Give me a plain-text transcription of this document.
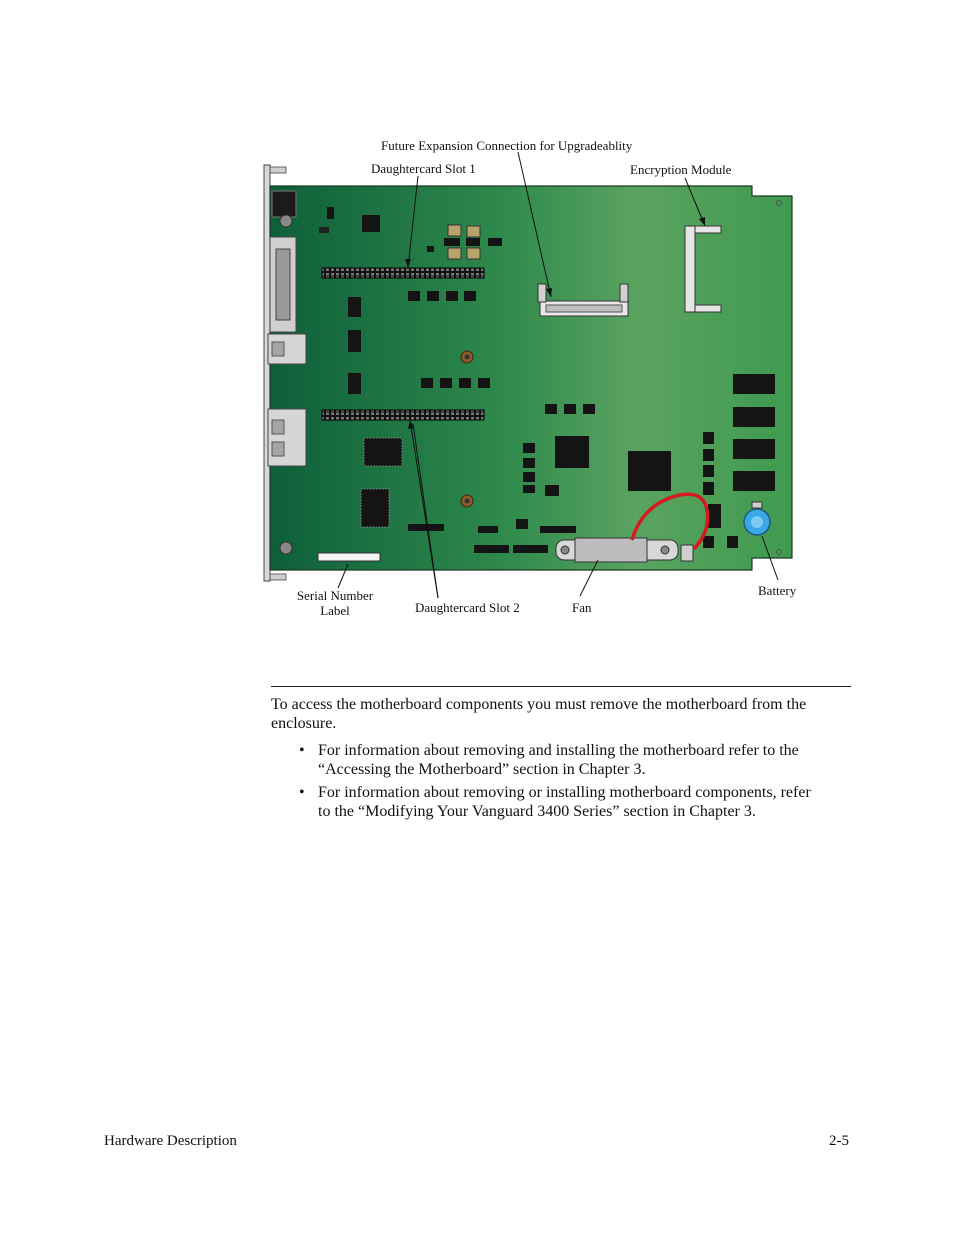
Future Expansion Connection for Upgradeablity
Daughtercard Slot 1	Encryption Module
Serial Number
Label	Daughtercard Slot 2	Fan
Battery
To access the motherboard components you must remove the motherboard from the enclosure.
• For information about removing and installing the motherboard refer to the
“Accessing the Motherboard” section in Chapter 3.
• For information about removing or installing motherboard components, refer
to the “Modifying Your Vanguard 3400 Series” section in Chapter 3.
Hardware Description	2-5
